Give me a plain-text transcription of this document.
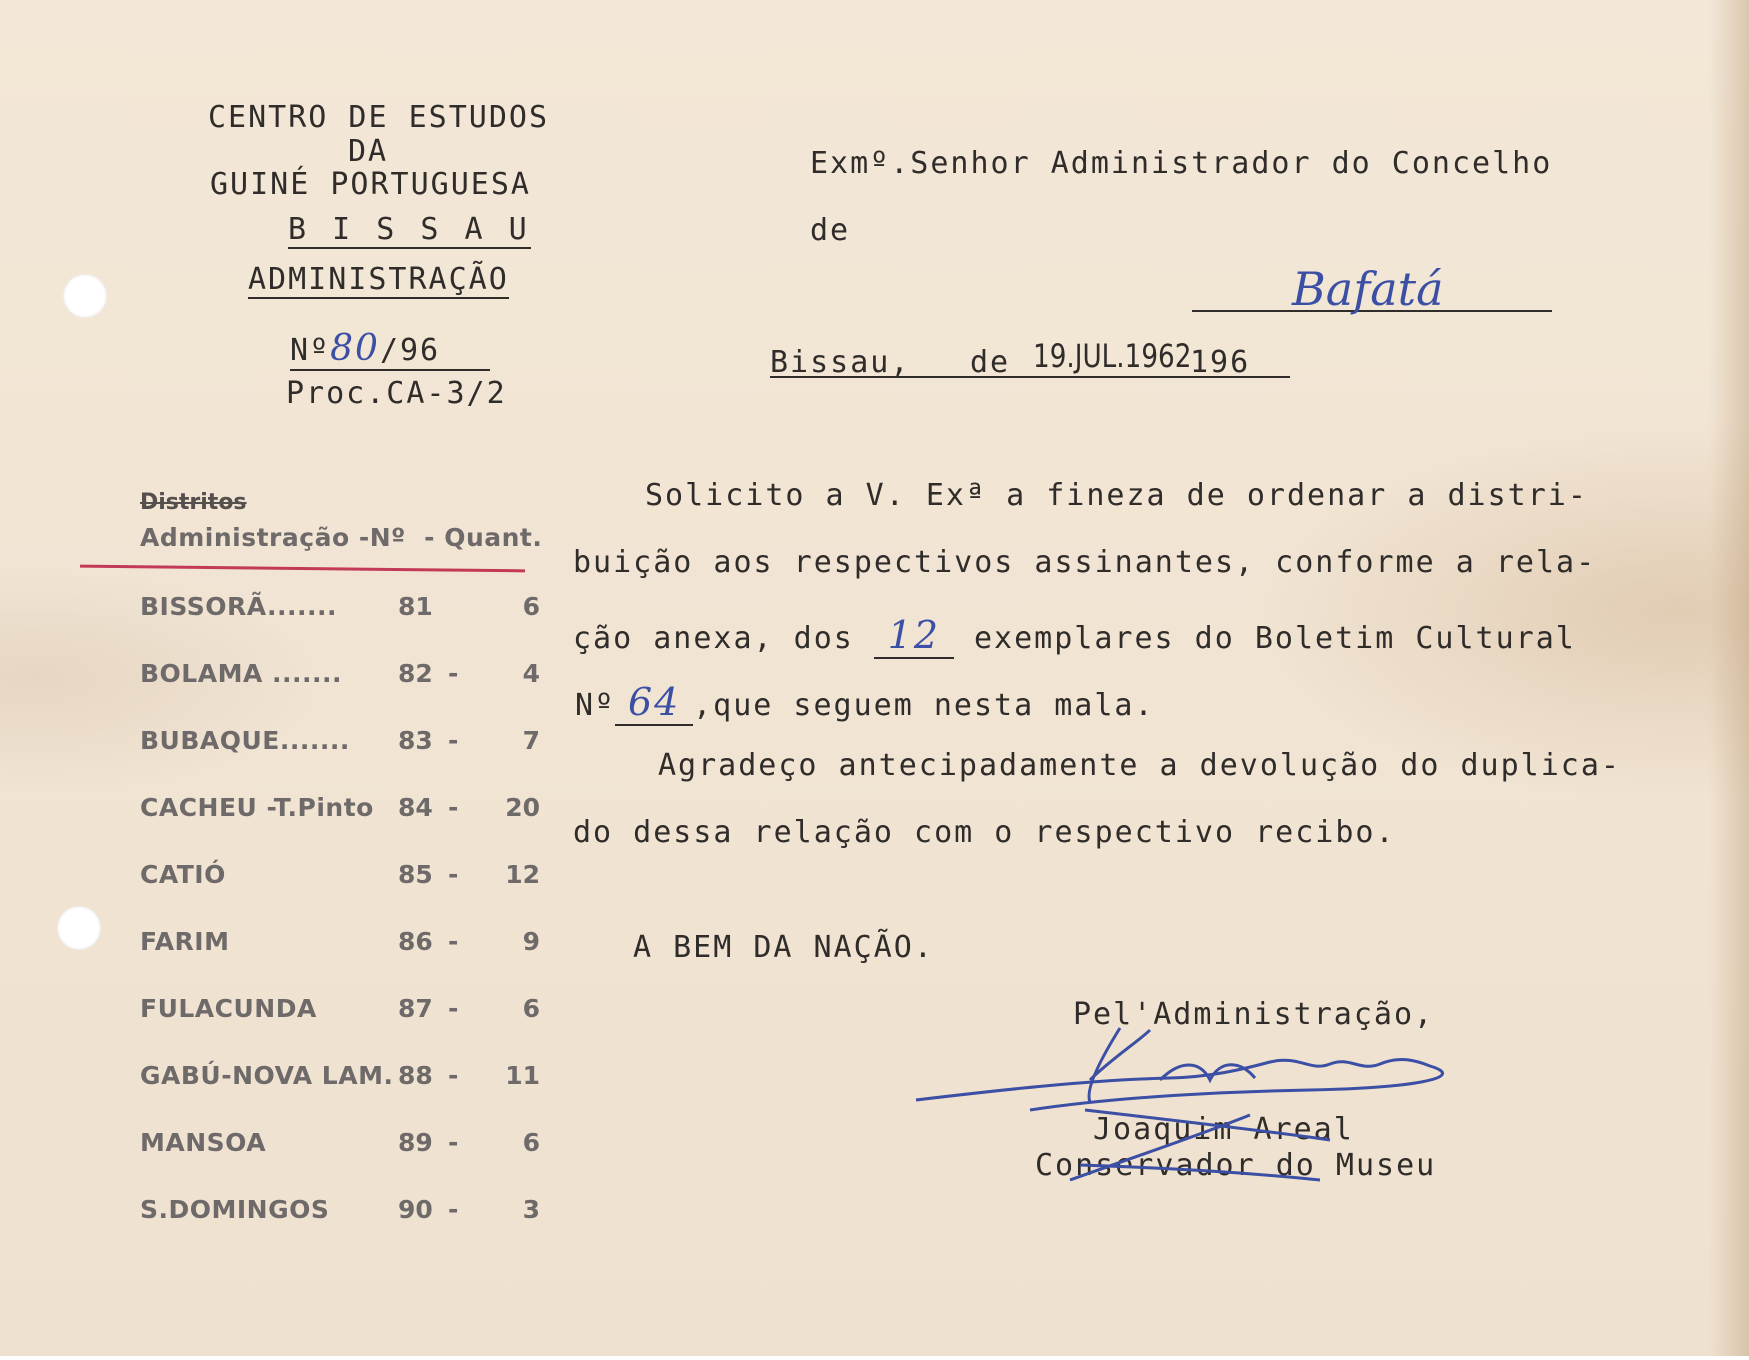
CENTRO DE ESTUDOS
DA
GUINÉ PORTUGUESA
B I S S A U
ADMINISTRAÇÃO
Nº80/96
Proc.CA-3/2
Exmº.Senhor Administrador do Concelho
de
Bafatá
Bissau, de 19.JUL.1962
196
Solicito a V. Exª a fineza de ordenar a distri-
buição aos respectivos assinantes, conforme a rela-
ção anexa, dos 12 exemplares do Boletim Cultural
Nº 64 ,que seguem nesta mala.
Agradeço antecipadamente a devolução do duplica-
do dessa relação com o respectivo recibo.
A BEM DA NAÇÃO.
Pel'Administração,
Joaquim Areal
Conservador do Museu
Distritos
Administração -Nº  - Quant.
BISSORÃ....... 81	6
BOLAMA ....... 82 -	4
BUBAQUE....... 83 -	7
CACHEU -T.Pinto 84 -	20
CATIÓ	85 -	12
FARIM	86 -	9
FULACUNDA	87 -	6
GABÚ-NOVA LAM. 88 -	11
MANSOA	89 -	6
S.DOMINGOS	90 -	3
